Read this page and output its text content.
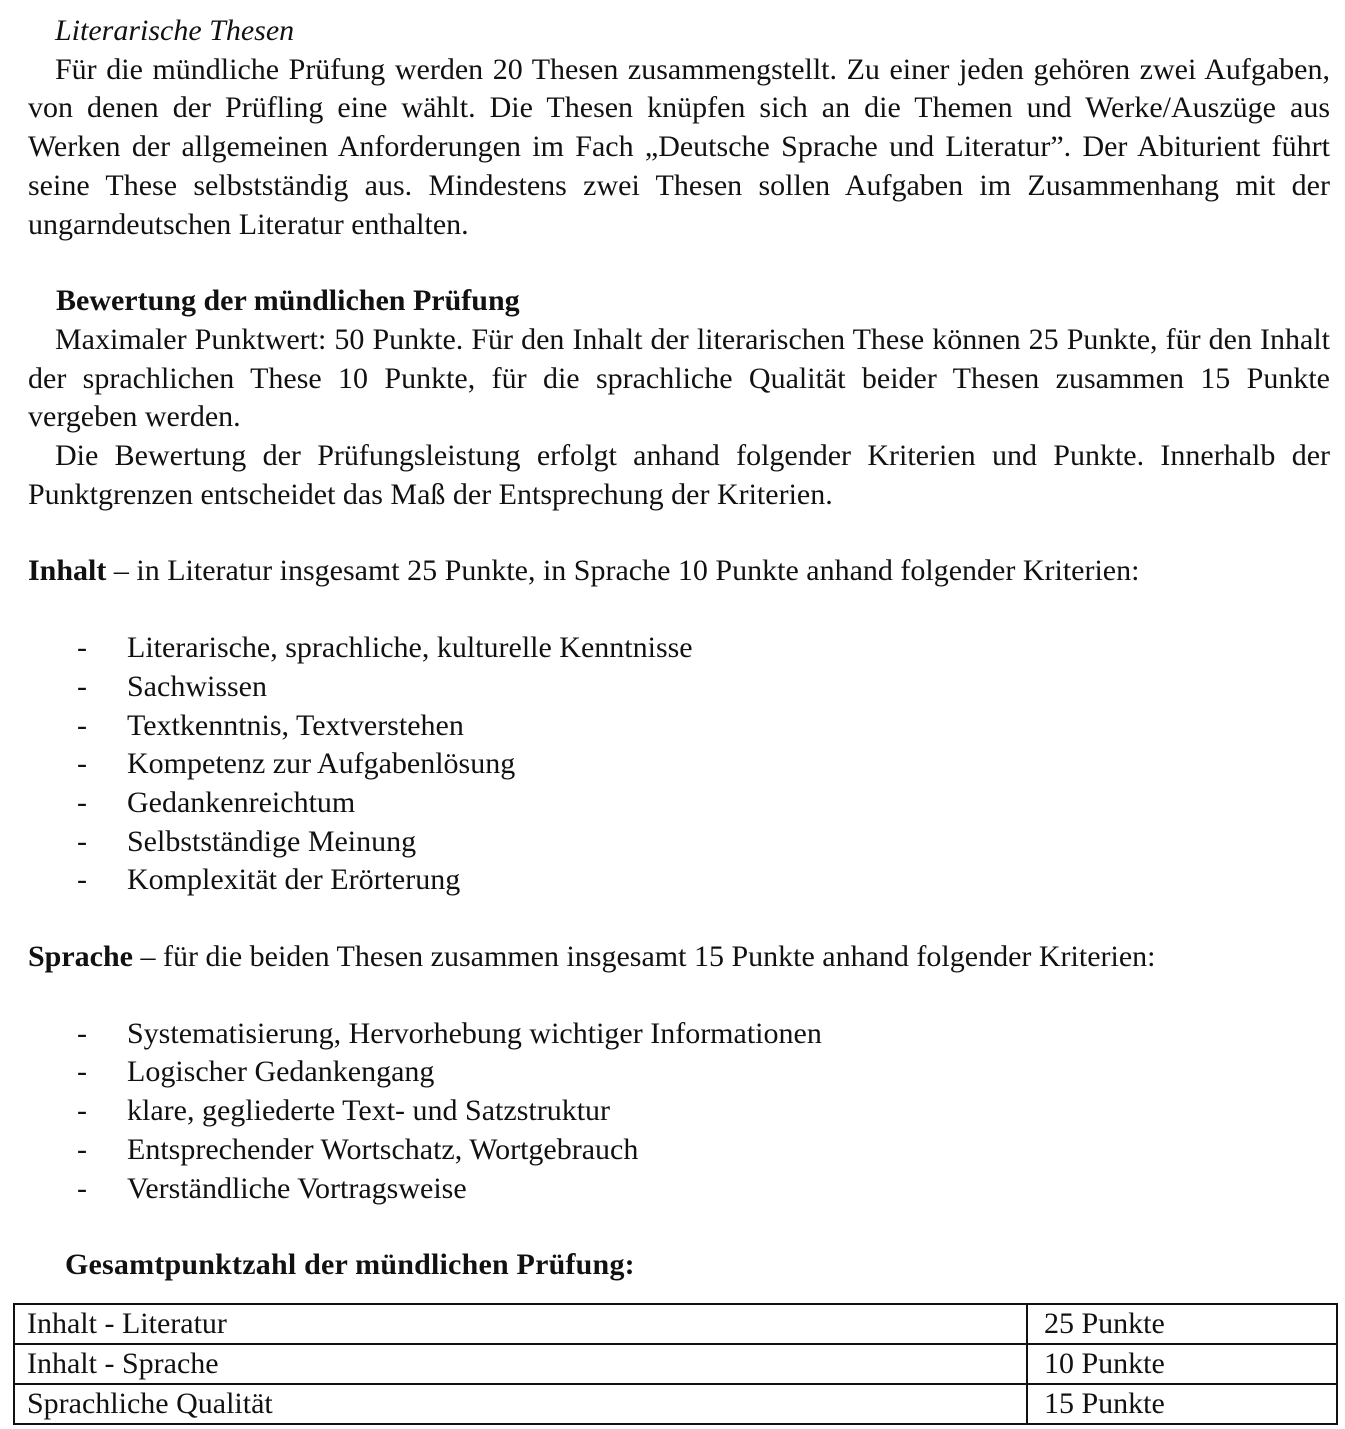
Literarische Thesen

Für die mündliche Prüfung werden 20 Thesen zusammengstellt. Zu einer jeden gehören zwei Aufgaben, von denen der Prüfling eine wählt. Die Thesen knüpfen sich an die Themen und Werke/Auszüge aus Werken der allgemeinen Anforderungen im Fach „Deutsche Sprache und Literatur”. Der Abiturient führt seine These selbstständig aus. Mindestens zwei Thesen sollen Aufgaben im Zusammenhang mit der ungarndeutschen Literatur enthalten.

Bewertung der mündlichen Prüfung

Maximaler Punktwert: 50 Punkte. Für den Inhalt der literarischen These können 25 Punkte, für den Inhalt der sprachlichen These 10 Punkte, für die sprachliche Qualität beider Thesen zusammen 15 Punkte vergeben werden.

Die Bewertung der Prüfungsleistung erfolgt anhand folgender Kriterien und Punkte. Innerhalb der Punktgrenzen entscheidet das Maß der Entsprechung der Kriterien.

Inhalt – in Literatur insgesamt 25 Punkte, in Sprache 10 Punkte anhand folgender Kriterien:

- Literarische, sprachliche, kulturelle Kenntnisse
- Sachwissen
- Textkenntnis, Textverstehen
- Kompetenz zur Aufgabenlösung
- Gedankenreichtum
- Selbstständige Meinung
- Komplexität der Erörterung

Sprache – für die beiden Thesen zusammen insgesamt 15 Punkte anhand folgender Kriterien:

- Systematisierung, Hervorhebung wichtiger Informationen
- Logischer Gedankengang
- klare, gegliederte Text- und Satzstruktur
- Entsprechender Wortschatz, Wortgebrauch
- Verständliche Vortragsweise
Gesamtpunktzahl der mündlichen Prüfung:
Inhalt - Literatur	25 Punkte
Inhalt - Sprache	10 Punkte
Sprachliche Qualität	15 Punkte
